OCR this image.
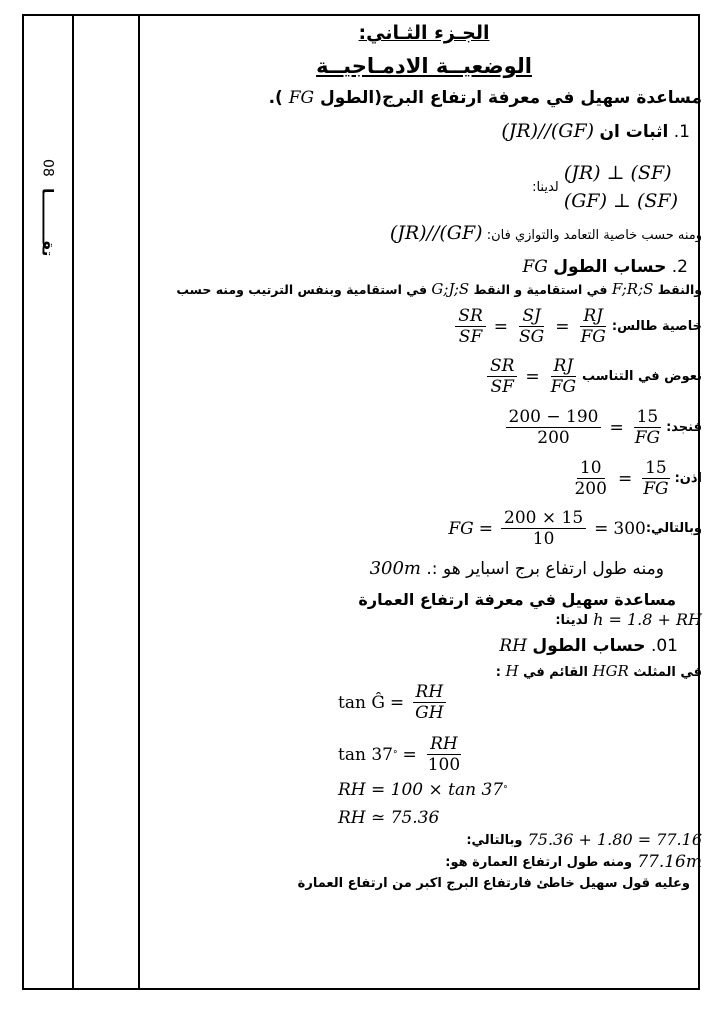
08 تقـــــــــا
الجـزء الثـاني:
الوضعيــة الادمـاجيــة
مساعدة سهيل في معرفة ارتفاع البرج(الطول FG ).
1. اثبات ان (JR)//(GF)
لدينا:
(JR) ⊥ (SF)
(GF) ⊥ (SF)
ومنه حسب خاصية التعامد والتوازي فان: (JR)//(GF)
2. حساب الطول FG
والنقط F;R;S في استقامية و النقط G;J;S في استقامية وبنفس الترتيب ومنه حسب
خاصية طالس:
$\frac{SR}{SF} = \frac{SJ}{SG} = \frac{RJ}{FG}$
نعوض في التناسب
$\frac{SR}{SF} = \frac{RJ}{FG}$
فنجد:
$\frac{200 - 190}{200} = \frac{15}{FG}$
اذن:
$\frac{10}{200} = \frac{15}{FG}$
وبالتالي:
FG = $\frac{200 \times 15}{10} = 300$
ومنه طول ارتفاع برج اسباير هو :. 300m
مساعدة سهيل في معرفة ارتفاع العمارة
لدينا: h = 1.8 + RH
01. حساب الطول RH
في المثلث HGR القائم في H :
tan Ĝ = $\frac{RH}{GH}$
tan 37 ° = $\frac{RH}{100}$
RH = 100 × tan 37 °
RH ≃ 75.36
وبالتالي: 75.36 + 1.80 = 77.16
ومنه طول ارتفاع العمارة هو: 77.16m
وعليه قول سهيل خاطئ فارتفاع البرج اكبر من ارتفاع العمارة
